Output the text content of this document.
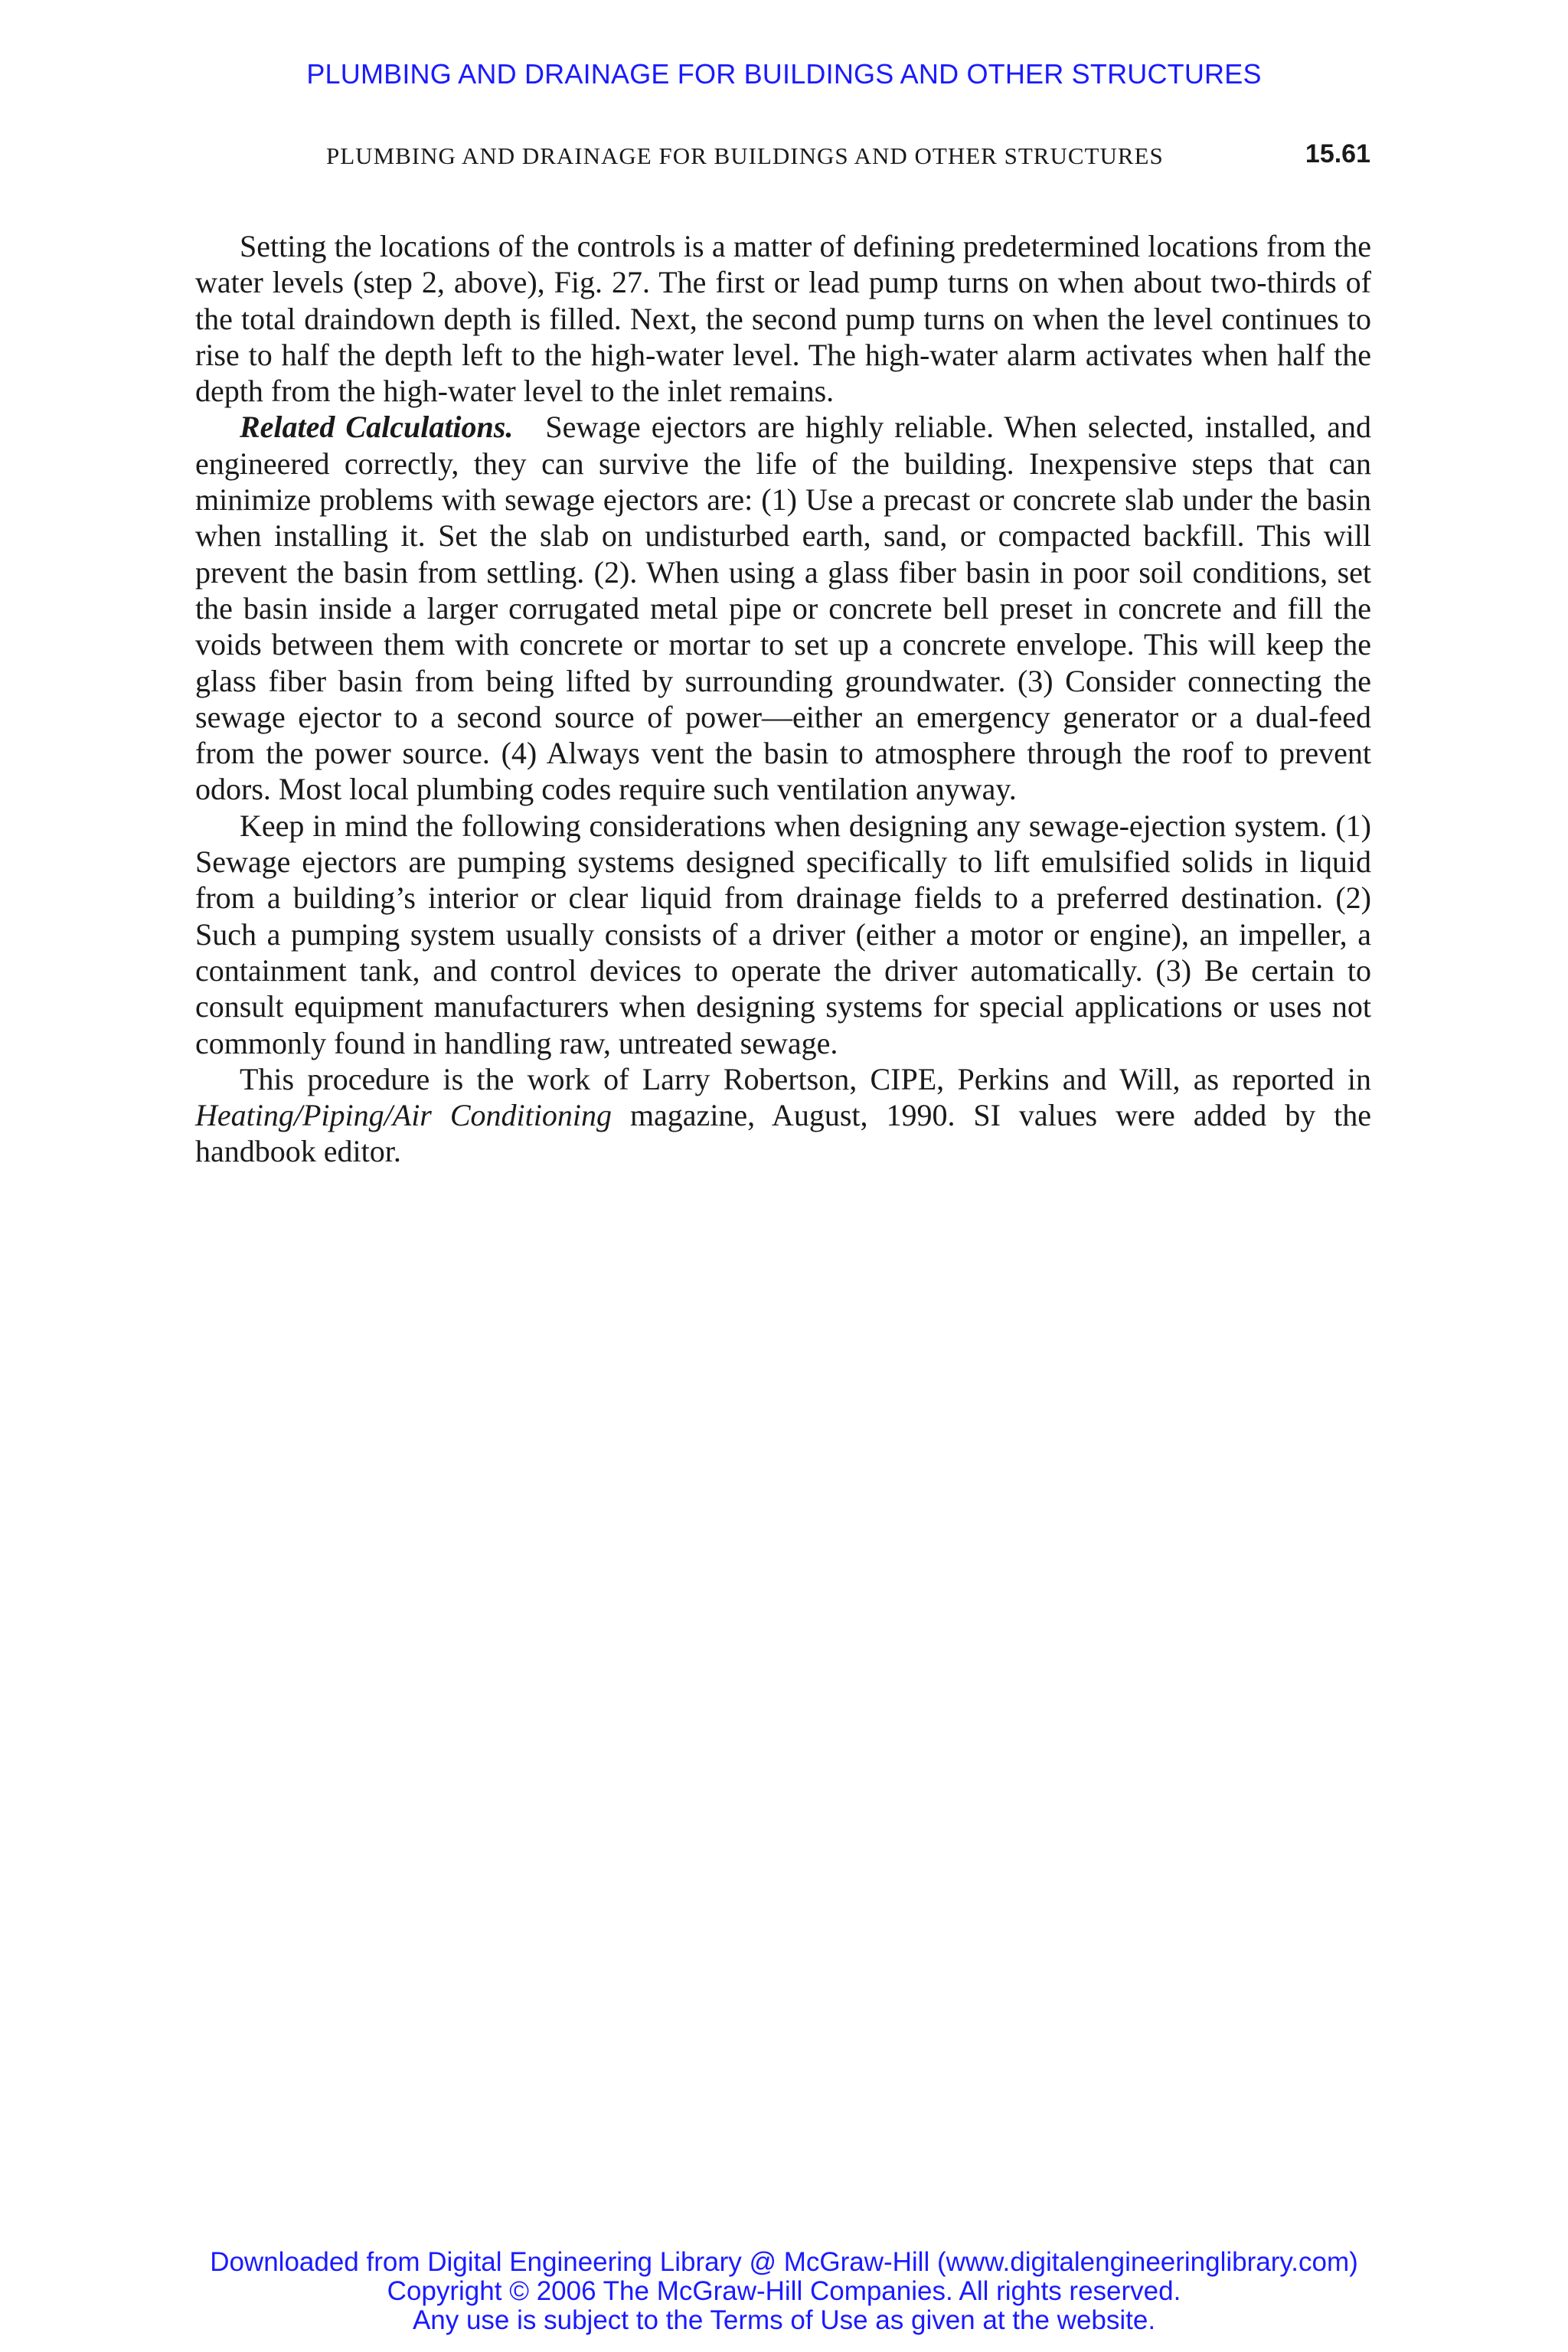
PLUMBING AND DRAINAGE FOR BUILDINGS AND OTHER STRUCTURES
PLUMBING AND DRAINAGE FOR BUILDINGS AND OTHER STRUCTURES	15.61

Setting the locations of the controls is a matter of defining predetermined locations from the water levels (step 2, above), Fig. 27. The first or lead pump turns on when about two-thirds of the total draindown depth is filled. Next, the second pump turns on when the level continues to rise to half the depth left to the high-water level. The high-water alarm activates when half the depth from the high-water level to the inlet remains.

Related Calculations. Sewage ejectors are highly reliable. When selected, installed, and engineered correctly, they can survive the life of the building. Inexpensive steps that can minimize problems with sewage ejectors are: (1) Use a precast or concrete slab under the basin when installing it. Set the slab on undisturbed earth, sand, or compacted backfill. This will prevent the basin from settling. (2). When using a glass fiber basin in poor soil conditions, set the basin inside a larger corrugated metal pipe or concrete bell preset in concrete and fill the voids between them with concrete or mortar to set up a concrete envelope. This will keep the glass fiber basin from being lifted by surrounding groundwater. (3) Consider connecting the sewage ejector to a second source of power—either an emergency generator or a dual-feed from the power source. (4) Always vent the basin to atmosphere through the roof to prevent odors. Most local plumbing codes require such ventilation anyway.

Keep in mind the following considerations when designing any sewage-ejection system. (1) Sewage ejectors are pumping systems designed specifically to lift emulsified solids in liquid from a building’s interior or clear liquid from drainage fields to a preferred destination. (2) Such a pumping system usually consists of a driver (either a motor or engine), an impeller, a containment tank, and control devices to operate the driver automatically. (3) Be certain to consult equipment manufacturers when designing systems for special applications or uses not commonly found in handling raw, untreated sewage.

This procedure is the work of Larry Robertson, CIPE, Perkins and Will, as reported in Heating/Piping/Air Conditioning magazine, August, 1990. SI values were added by the handbook editor.

Downloaded from Digital Engineering Library @ McGraw-Hill (www.digitalengineeringlibrary.com)
Copyright © 2006 The McGraw-Hill Companies. All rights reserved.
Any use is subject to the Terms of Use as given at the website.
